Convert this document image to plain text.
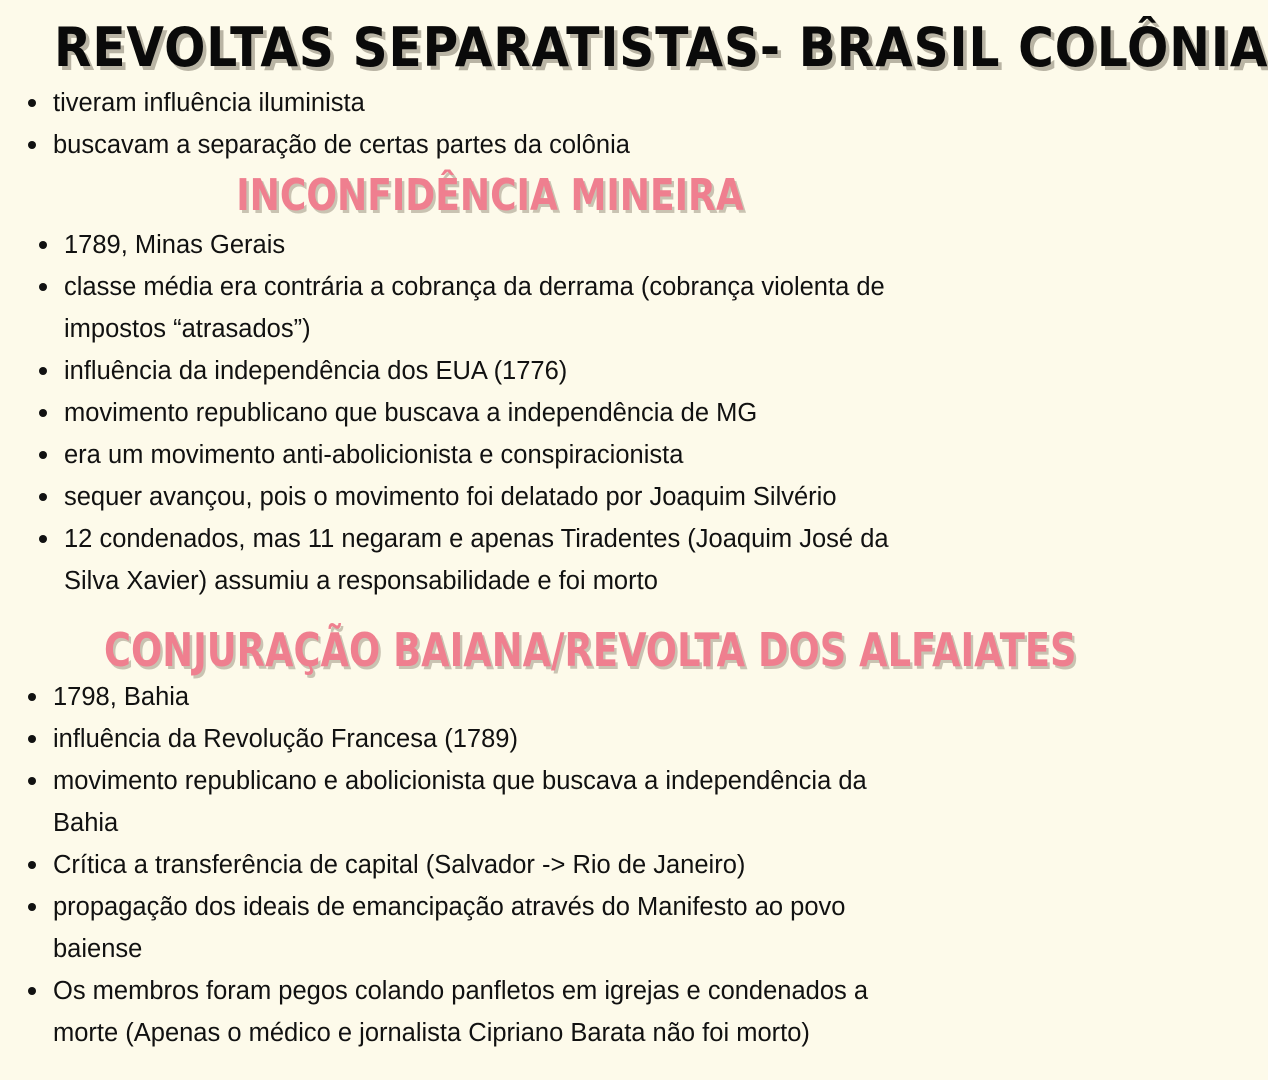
REVOLTAS SEPARATISTAS- BRASIL COLÔNIA
tiveram influência iluminista
buscavam a separação de certas partes da colônia
INCONFIDÊNCIA MINEIRA
1789, Minas Gerais
classe média era contrária a cobrança da derrama (cobrança violenta de
impostos “atrasados”)
influência da independência dos EUA (1776)
movimento republicano que buscava a independência de MG
era um movimento anti-abolicionista e conspiracionista
sequer avançou, pois o movimento foi delatado por Joaquim Silvério
12 condenados, mas 11 negaram e apenas Tiradentes (Joaquim José da
Silva Xavier) assumiu a responsabilidade e foi morto
CONJURAÇÃO BAIANA/REVOLTA DOS ALFAIATES
1798, Bahia
influência da Revolução Francesa (1789)
movimento republicano e abolicionista que buscava a independência da
Bahia
Crítica a transferência de capital (Salvador -> Rio de Janeiro)
propagação dos ideais de emancipação através do Manifesto ao povo
baiense
Os membros foram pegos colando panfletos em igrejas e condenados a
morte (Apenas o médico e jornalista Cipriano Barata não foi morto)
